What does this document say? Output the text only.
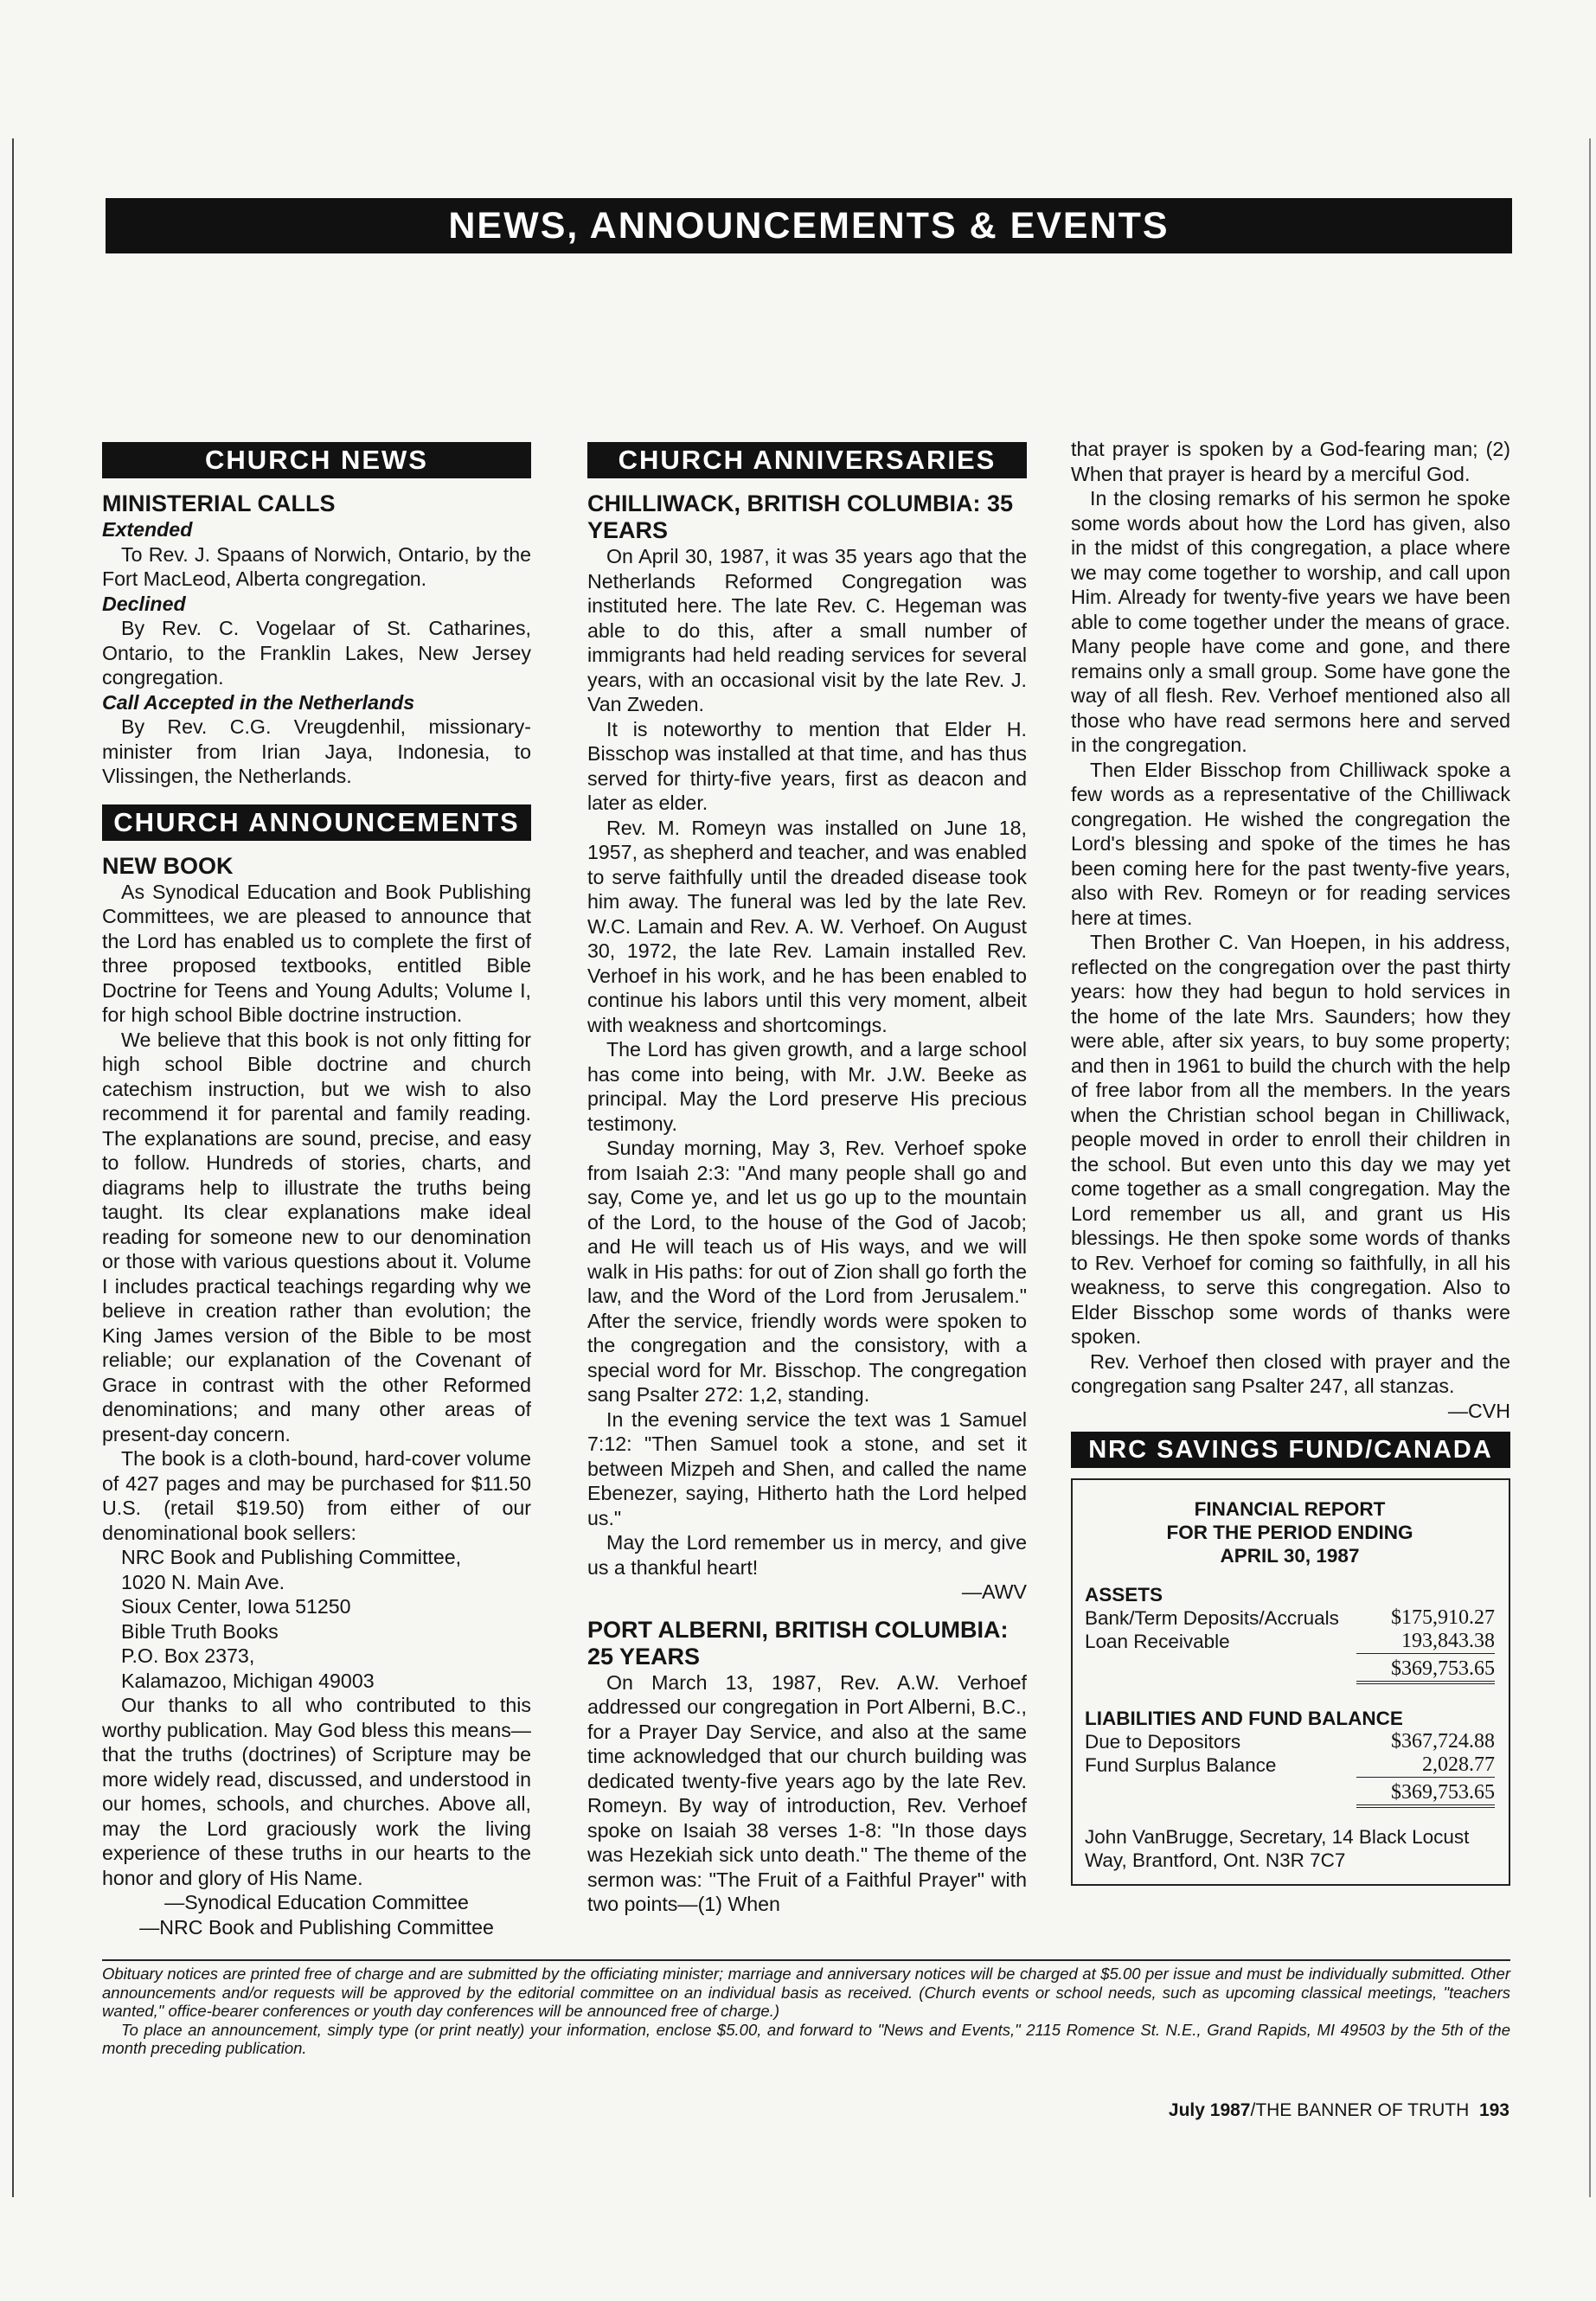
NEWS, ANNOUNCEMENTS & EVENTS
CHURCH NEWS
MINISTERIAL CALLS
Extended

To Rev. J. Spaans of Norwich, Ontario, by the Fort MacLeod, Alberta congregation.

Declined

By Rev. C. Vogelaar of St. Catharines, Ontario, to the Franklin Lakes, New Jersey congregation.

Call Accepted in the Netherlands

By Rev. C.G. Vreugdenhil, missionary-minister from Irian Jaya, Indonesia, to Vlissingen, the Netherlands.

CHURCH ANNOUNCEMENTS
NEW BOOK

As Synodical Education and Book Publishing Committees, we are pleased to announce that the Lord has enabled us to complete the first of three proposed textbooks, entitled Bible Doctrine for Teens and Young Adults; Volume I, for high school Bible doctrine instruction.

We believe that this book is not only fitting for high school Bible doctrine and church catechism instruction, but we wish to also recommend it for parental and family reading. The explanations are sound, precise, and easy to follow. Hundreds of stories, charts, and diagrams help to illustrate the truths being taught. Its clear explanations make ideal reading for someone new to our denomination or those with various questions about it. Volume I includes practical teachings regarding why we believe in creation rather than evolution; the King James version of the Bible to be most reliable; our explanation of the Covenant of Grace in contrast with the other Reformed denominations; and many other areas of present-day concern.

The book is a cloth-bound, hard-cover volume of 427 pages and may be purchased for $11.50 U.S. (retail $19.50) from either of our denominational book sellers:

NRC Book and Publishing Committee,

1020 N. Main Ave.

Sioux Center, Iowa 51250

Bible Truth Books

P.O. Box 2373,

Kalamazoo, Michigan 49003

Our thanks to all who contributed to this worthy publication. May God bless this means—that the truths (doctrines) of Scripture may be more widely read, discussed, and understood in our homes, schools, and churches. Above all, may the Lord graciously work the living experience of these truths in our hearts to the honor and glory of His Name.

—Synodical Education Committee
—NRC Book and Publishing Committee
CHURCH ANNIVERSARIES
CHILLIWACK, BRITISH COLUMBIA: 35 YEARS

On April 30, 1987, it was 35 years ago that the Netherlands Reformed Congregation was instituted here. The late Rev. C. Hegeman was able to do this, after a small number of immigrants had held reading services for several years, with an occasional visit by the late Rev. J. Van Zweden.

It is noteworthy to mention that Elder H. Bisschop was installed at that time, and has thus served for thirty-five years, first as deacon and later as elder.

Rev. M. Romeyn was installed on June 18, 1957, as shepherd and teacher, and was enabled to serve faithfully until the dreaded disease took him away. The funeral was led by the late Rev. W.C. Lamain and Rev. A. W. Verhoef. On August 30, 1972, the late Rev. Lamain installed Rev. Verhoef in his work, and he has been enabled to continue his labors until this very moment, albeit with weakness and shortcomings.

The Lord has given growth, and a large school has come into being, with Mr. J.W. Beeke as principal. May the Lord preserve His precious testimony.

Sunday morning, May 3, Rev. Verhoef spoke from Isaiah 2:3: "And many people shall go and say, Come ye, and let us go up to the mountain of the Lord, to the house of the God of Jacob; and He will teach us of His ways, and we will walk in His paths: for out of Zion shall go forth the law, and the Word of the Lord from Jerusalem." After the service, friendly words were spoken to the congregation and the consistory, with a special word for Mr. Bisschop. The congregation sang Psalter 272: 1,2, standing.

In the evening service the text was 1 Samuel 7:12: "Then Samuel took a stone, and set it between Mizpeh and Shen, and called the name Ebenezer, saying, Hitherto hath the Lord helped us."

May the Lord remember us in mercy, and give us a thankful heart!

—AWV
PORT ALBERNI, BRITISH COLUMBIA: 25 YEARS

On March 13, 1987, Rev. A.W. Verhoef addressed our congregation in Port Alberni, B.C., for a Prayer Day Service, and also at the same time acknowledged that our church building was dedicated twenty-five years ago by the late Rev. Romeyn. By way of introduction, Rev. Verhoef spoke on Isaiah 38 verses 1-8: "In those days was Hezekiah sick unto death." The theme of the sermon was: "The Fruit of a Faithful Prayer" with two points—(1) When

that prayer is spoken by a God-fearing man; (2) When that prayer is heard by a merciful God.

In the closing remarks of his sermon he spoke some words about how the Lord has given, also in the midst of this congregation, a place where we may come together to worship, and call upon Him. Already for twenty-five years we have been able to come together under the means of grace. Many people have come and gone, and there remains only a small group. Some have gone the way of all flesh. Rev. Verhoef mentioned also all those who have read sermons here and served in the congregation.

Then Elder Bisschop from Chilliwack spoke a few words as a representative of the Chilliwack congregation. He wished the congregation the Lord's blessing and spoke of the times he has been coming here for the past twenty-five years, also with Rev. Romeyn or for reading services here at times.

Then Brother C. Van Hoepen, in his address, reflected on the congregation over the past thirty years: how they had begun to hold services in the home of the late Mrs. Saunders; how they were able, after six years, to buy some property; and then in 1961 to build the church with the help of free labor from all the members. In the years when the Christian school began in Chilliwack, people moved in order to enroll their children in the school. But even unto this day we may yet come together as a small congregation. May the Lord remember us all, and grant us His blessings. He then spoke some words of thanks to Rev. Verhoef for coming so faithfully, in all his weakness, to serve this congregation. Also to Elder Bisschop some words of thanks were spoken.

Rev. Verhoef then closed with prayer and the congregation sang Psalter 247, all stanzas.

—CVH
NRC SAVINGS FUND/CANADA
FINANCIAL REPORT
FOR THE PERIOD ENDING
APRIL 30, 1987
ASSETS
Bank/Term Deposits/Accruals	$175,910.27
Loan Receivable	193,843.38
$369,753.65
LIABILITIES AND FUND BALANCE
Due to Depositors	$367,724.88
Fund Surplus Balance	2,028.77
$369,753.65
John VanBrugge, Secretary, 14 Black Locust Way, Brantford, Ont. N3R 7C7

Obituary notices are printed free of charge and are submitted by the officiating minister; marriage and anniversary notices will be charged at $5.00 per issue and must be individually submitted. Other announcements and/or requests will be approved by the editorial committee on an individual basis as received. (Church events or school needs, such as upcoming classical meetings, "teachers wanted," office-bearer conferences or youth day conferences will be announced free of charge.)

To place an announcement, simply type (or print neatly) your information, enclose $5.00, and forward to "News and Events," 2115 Romence St. N.E., Grand Rapids, MI 49503 by the 5th of the month preceding publication.

July 1987/THE BANNER OF TRUTH 193
